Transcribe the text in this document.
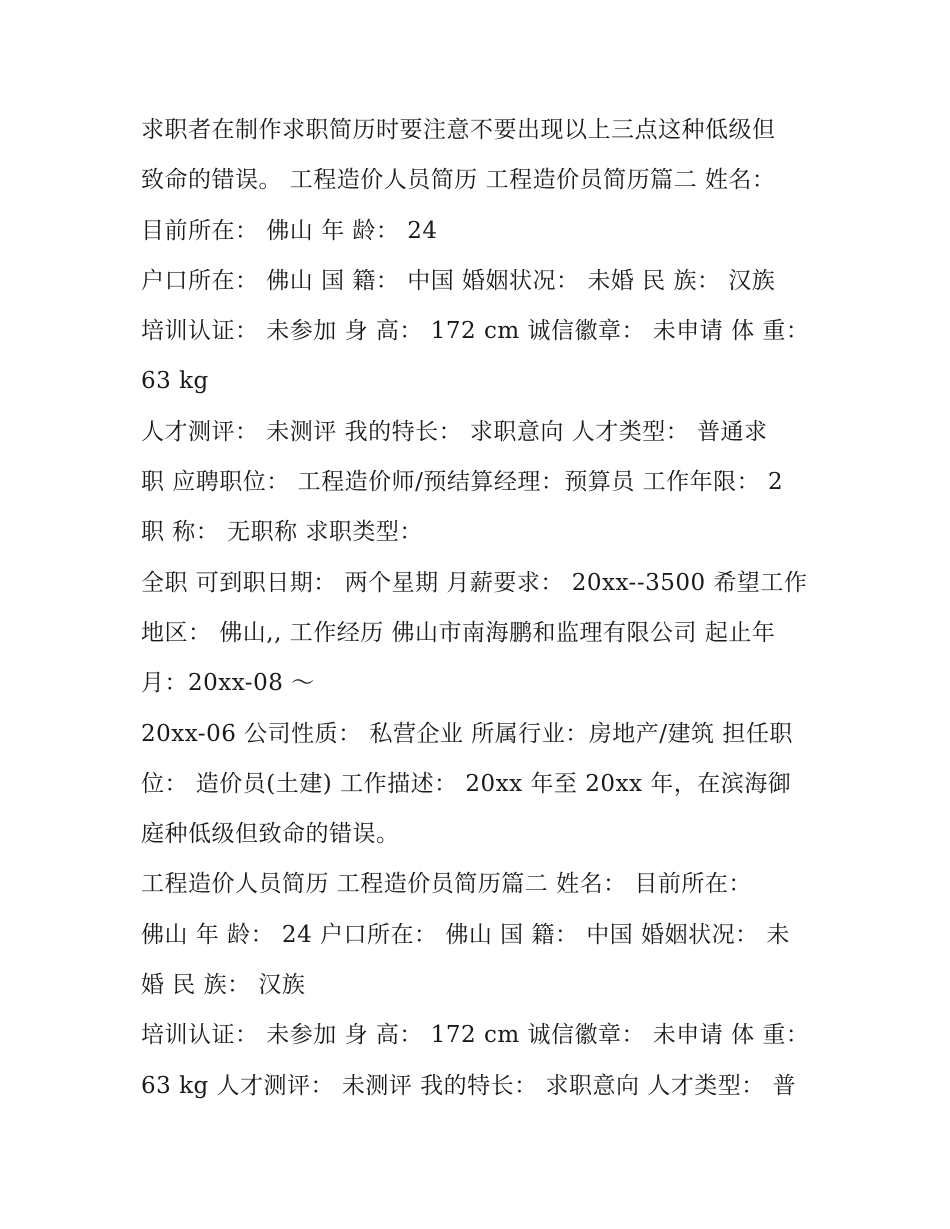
求职者在制作求职简历时要注意不要出现以上三点这种低级但
致命的错误。 工程造价人员简历 工程造价员简历篇二 姓名：
目前所在： 佛山 年 龄： 24
户口所在： 佛山 国 籍： 中国 婚姻状况： 未婚 民 族： 汉族
培训认证： 未参加 身 高： 172 cm 诚信徽章： 未申请 体 重：
63 kg
人才测评： 未测评 我的特长： 求职意向 人才类型： 普通求
职 应聘职位： 工程造价师/预结算经理：预算员 工作年限： 2
职 称： 无职称 求职类型：
全职 可到职日期： 两个星期 月薪要求： 20xx--3500 希望工作
地区： 佛山,, 工作经历 佛山市南海鹏和监理有限公司 起止年
月：20xx-08 ～
20xx-06 公司性质： 私营企业 所属行业：房地产/建筑 担任职
位： 造价员(土建) 工作描述： 20xx 年至 20xx 年，在滨海御
庭种低级但致命的错误。
工程造价人员简历 工程造价员简历篇二 姓名： 目前所在：
佛山 年 龄： 24 户口所在： 佛山 国 籍： 中国 婚姻状况： 未
婚 民 族： 汉族
培训认证： 未参加 身 高： 172 cm 诚信徽章： 未申请 体 重：
63 kg 人才测评： 未测评 我的特长： 求职意向 人才类型： 普
